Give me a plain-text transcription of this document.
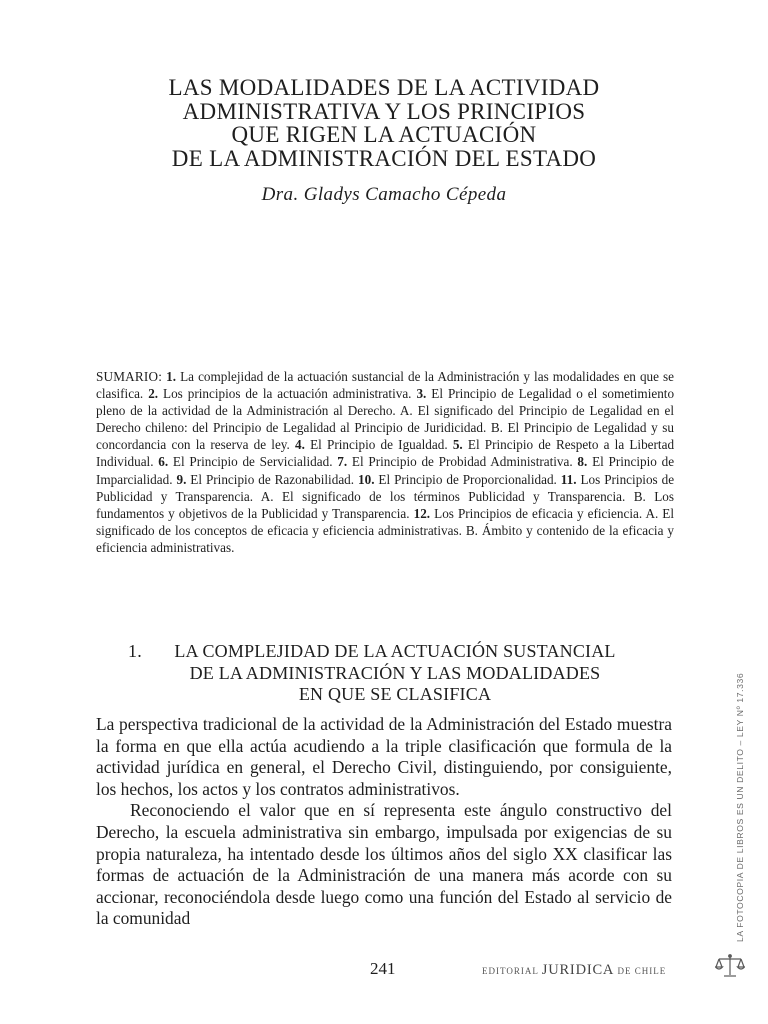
LAS MODALIDADES DE LA ACTIVIDAD
ADMINISTRATIVA Y LOS PRINCIPIOS
QUE RIGEN LA ACTUACIÓN
DE LA ADMINISTRACIÓN DEL ESTADO
Dra. Gladys Camacho Cépeda
SUMARIO: 1. La complejidad de la actuación sustancial de la Administración y las modalidades en que se clasifica. 2. Los principios de la actuación administrativa. 3. El Principio de Legalidad o el sometimiento pleno de la actividad de la Administración al Derecho. A. El significado del Principio de Legalidad en el Derecho chileno: del Principio de Legalidad al Principio de Juridicidad. B. El Principio de Legalidad y su concordancia con la reserva de ley. 4. El Principio de Igualdad. 5. El Principio de Respeto a la Libertad Individual. 6. El Principio de Servicialidad. 7. El Principio de Probidad Administrativa. 8. El Principio de Imparcialidad. 9. El Principio de Razonabilidad. 10. El Principio de Proporcionalidad. 11. Los Principios de Publicidad y Transparencia. A. El significado de los términos Publicidad y Transparencia. B. Los fundamentos y objetivos de la Publicidad y Transparencia. 12. Los Principios de eficacia y eficiencia. A. El significado de los conceptos de eficacia y eficiencia administrativas. B. Ámbito y contenido de la eficacia y eficiencia administrativas.
1.	LA COMPLEJIDAD DE LA ACTUACIÓN SUSTANCIAL
DE LA ADMINISTRACIÓN Y LAS MODALIDADES
EN QUE SE CLASIFICA

La perspectiva tradicional de la actividad de la Administración del Estado muestra la forma en que ella actúa acudiendo a la triple clasificación que formula de la actividad jurídica en general, el Derecho Civil, distinguiendo, por consiguiente, los hechos, los actos y los contratos administrativos.

Reconociendo el valor que en sí representa este ángulo constructivo del Derecho, la escuela administrativa sin embargo, impulsada por exigencias de su propia naturaleza, ha intentado desde los últimos años del siglo XX clasificar las formas de actuación de la Administración de una manera más acorde con su accionar, reconociéndola desde luego como una función del Estado al servicio de la comunidad

241	EDITORIAL JURIDICA DE CHILE
LA FOTOCOPIA DE LIBROS ES UN DELITO – LEY Nº 17.336
